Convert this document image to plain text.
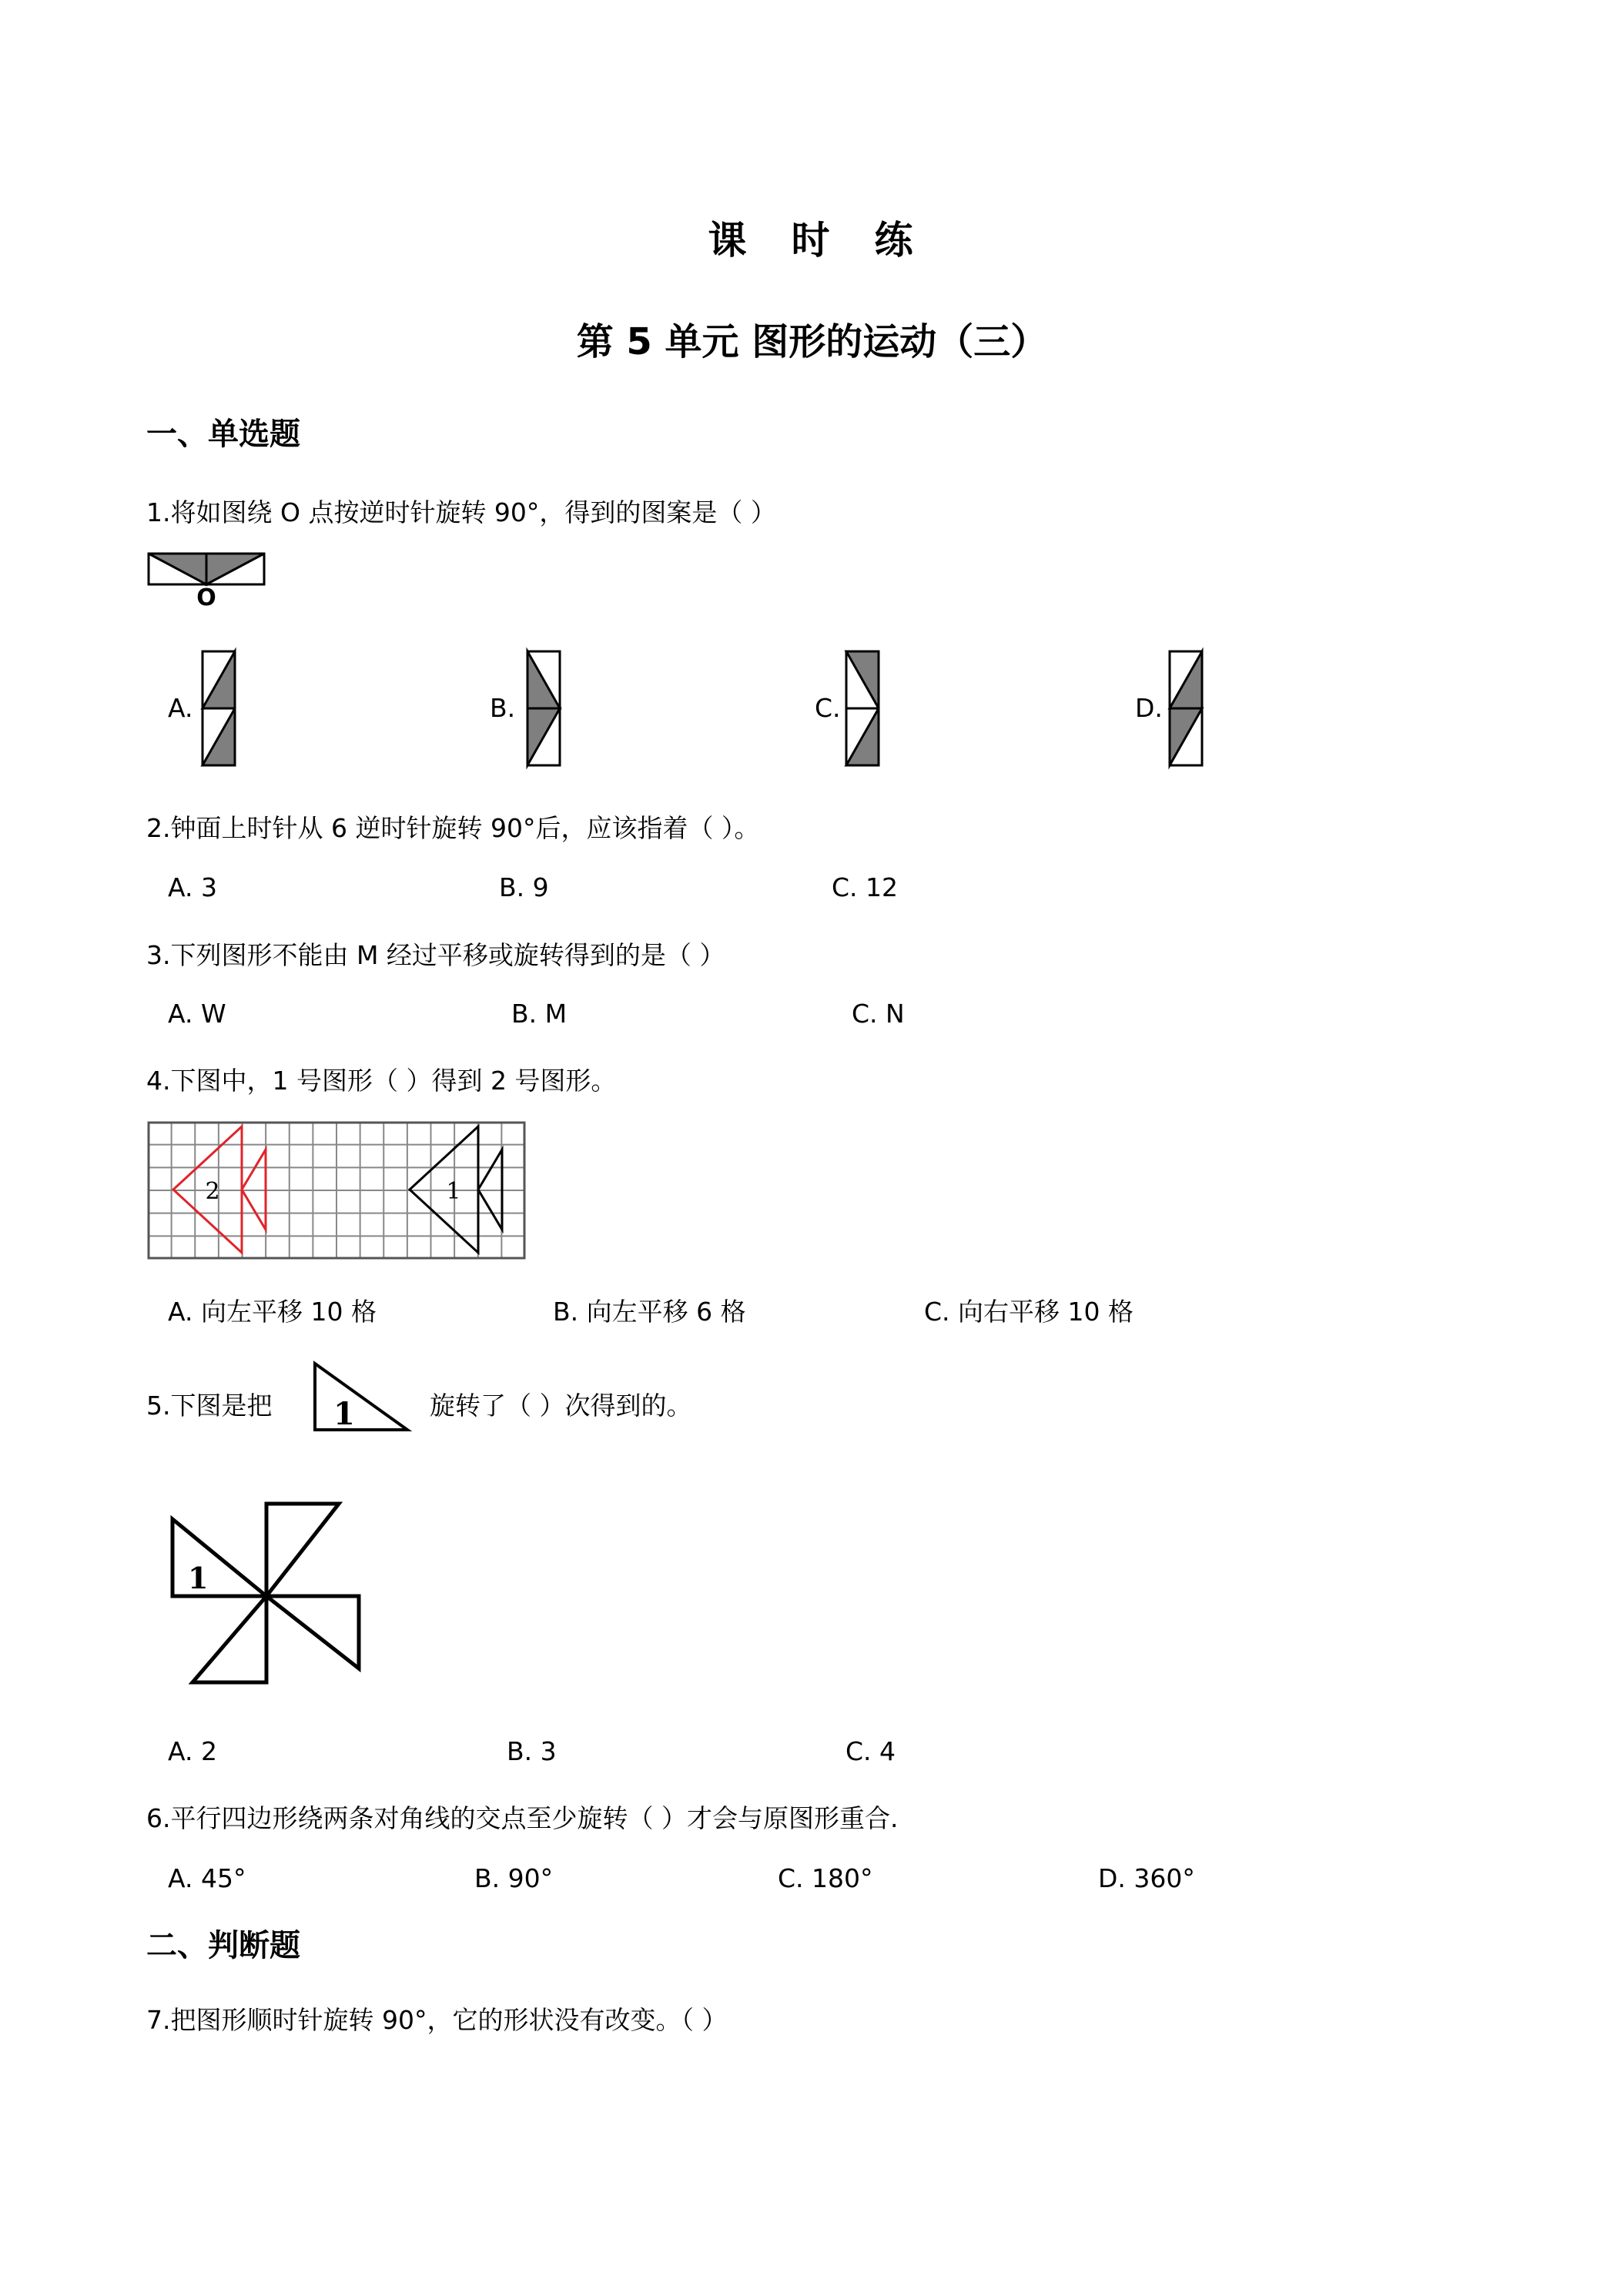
课　时　练
第 5 单元 图形的运动（三）
一、单选题
1.将如图绕 O 点按逆时针旋转 90°，得到的图案是（ ）
O
A.	B.	C.	D.
2.钟面上时针从 6 逆时针旋转 90°后，应该指着（ ）。
A. 3	B. 9	C. 12
3.下列图形不能由 M 经过平移或旋转得到的是（ ）
A. W	B. M	C. N
4.下图中，1 号图形（ ）得到 2 号图形。
2	1
A. 向左平移 10 格	B. 向左平移 6 格	C. 向右平移 10 格
5.下图是把 1	旋转了（ ）次得到的。
1
A. 2	B. 3	C. 4
6.平行四边形绕两条对角线的交点至少旋转（ ）才会与原图形重合.
A. 45°	B. 90°	C. 180°	D. 360°
二、判断题
7.把图形顺时针旋转 90°，它的形状没有改变。（ ）
